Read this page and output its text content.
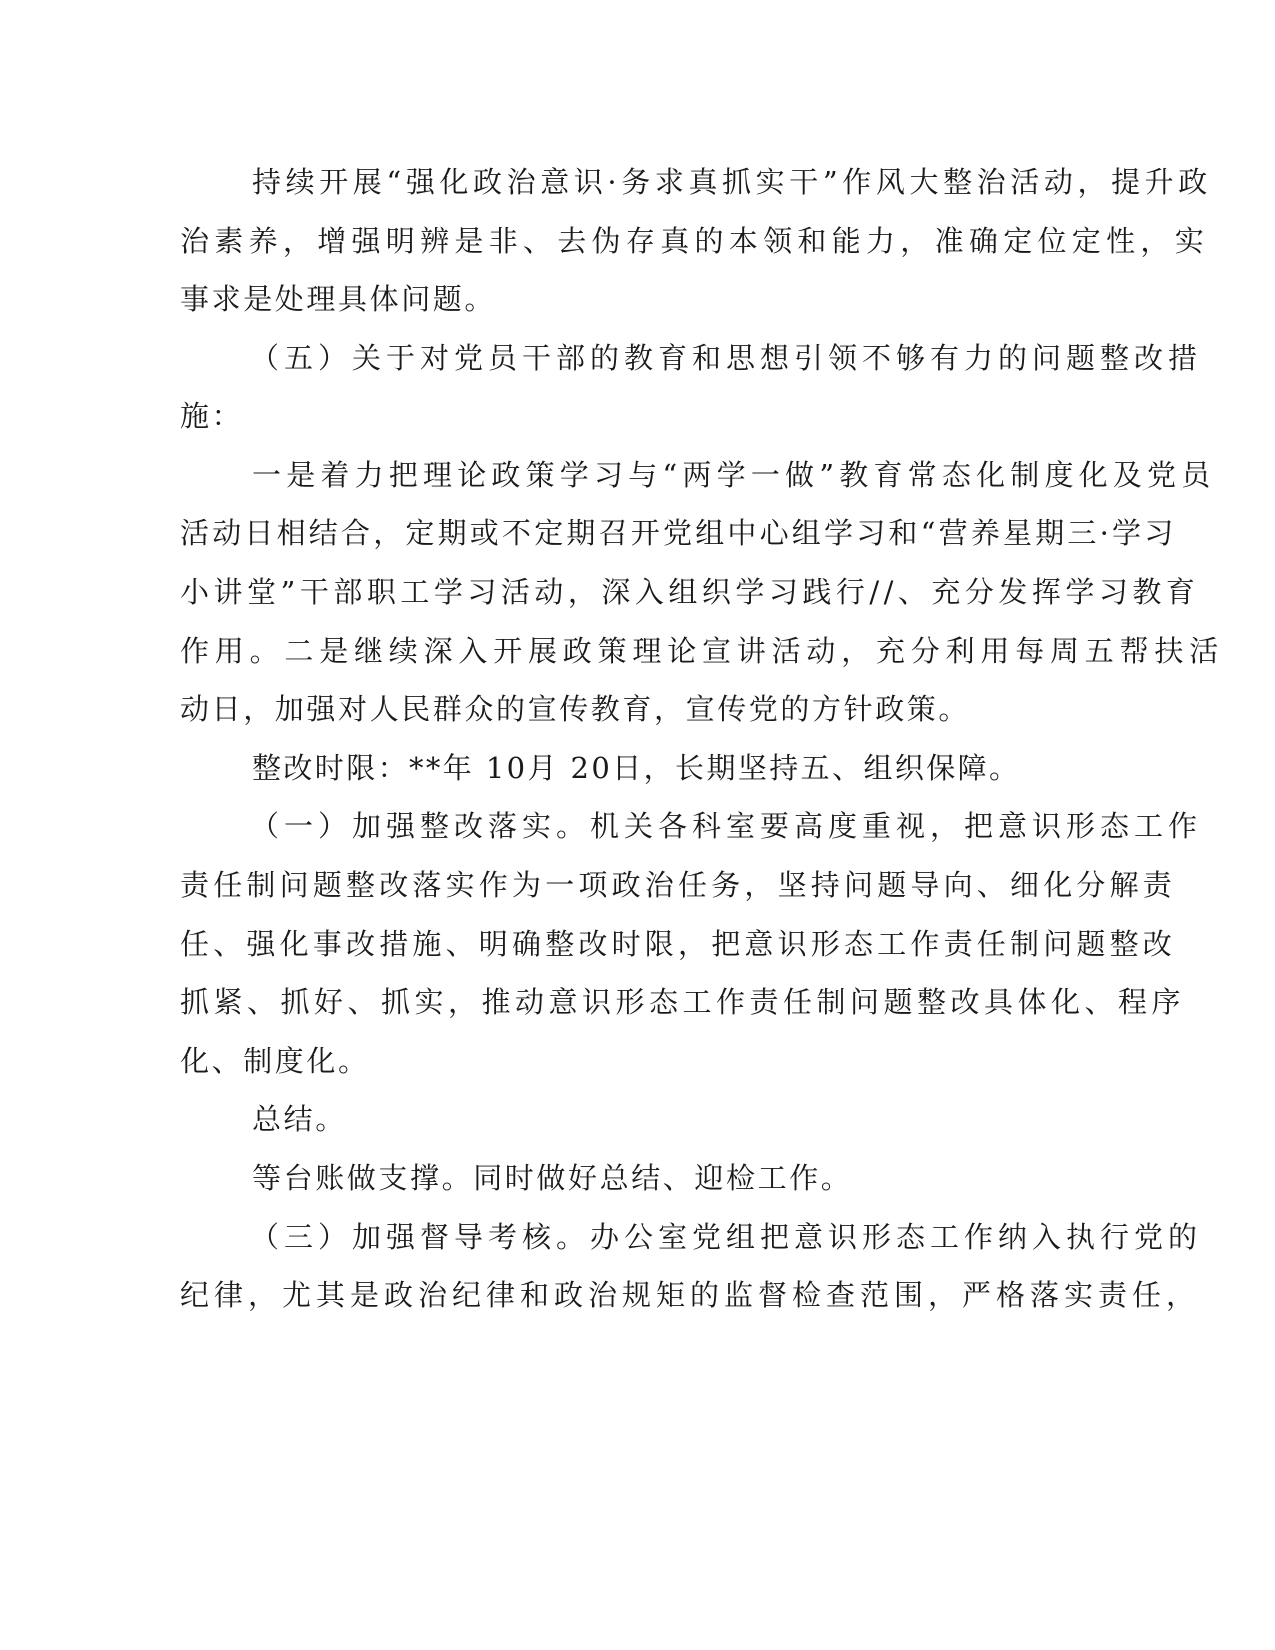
持续开展“强化政治意识·务求真抓实干”作风大整治活动，提升政
治素养，增强明辨是非、去伪存真的本领和能力，准确定位定性，实
事求是处理具体问题。
（五）关于对党员干部的教育和思想引领不够有力的问题整改措
施：
一是着力把理论政策学习与“两学一做”教育常态化制度化及党员
活动日相结合，定期或不定期召开党组中心组学习和“营养星期三·学习
小讲堂”干部职工学习活动，深入组织学习践行//、充分发挥学习教育
作用。二是继续深入开展政策理论宣讲活动，充分利用每周五帮扶活
动日，加强对人民群众的宣传教育，宣传党的方针政策。
整改时限：**年 10月 20日，长期坚持五、组织保障。
（一）加强整改落实。机关各科室要高度重视，把意识形态工作
责任制问题整改落实作为一项政治任务，坚持问题导向、细化分解责
任、强化事改措施、明确整改时限，把意识形态工作责任制问题整改
抓紧、抓好、抓实，推动意识形态工作责任制问题整改具体化、程序
化、制度化。
总结。
等台账做支撑。同时做好总结、迎检工作。
（三）加强督导考核。办公室党组把意识形态工作纳入执行党的
纪律，尤其是政治纪律和政治规矩的监督检查范围，严格落实责任，
